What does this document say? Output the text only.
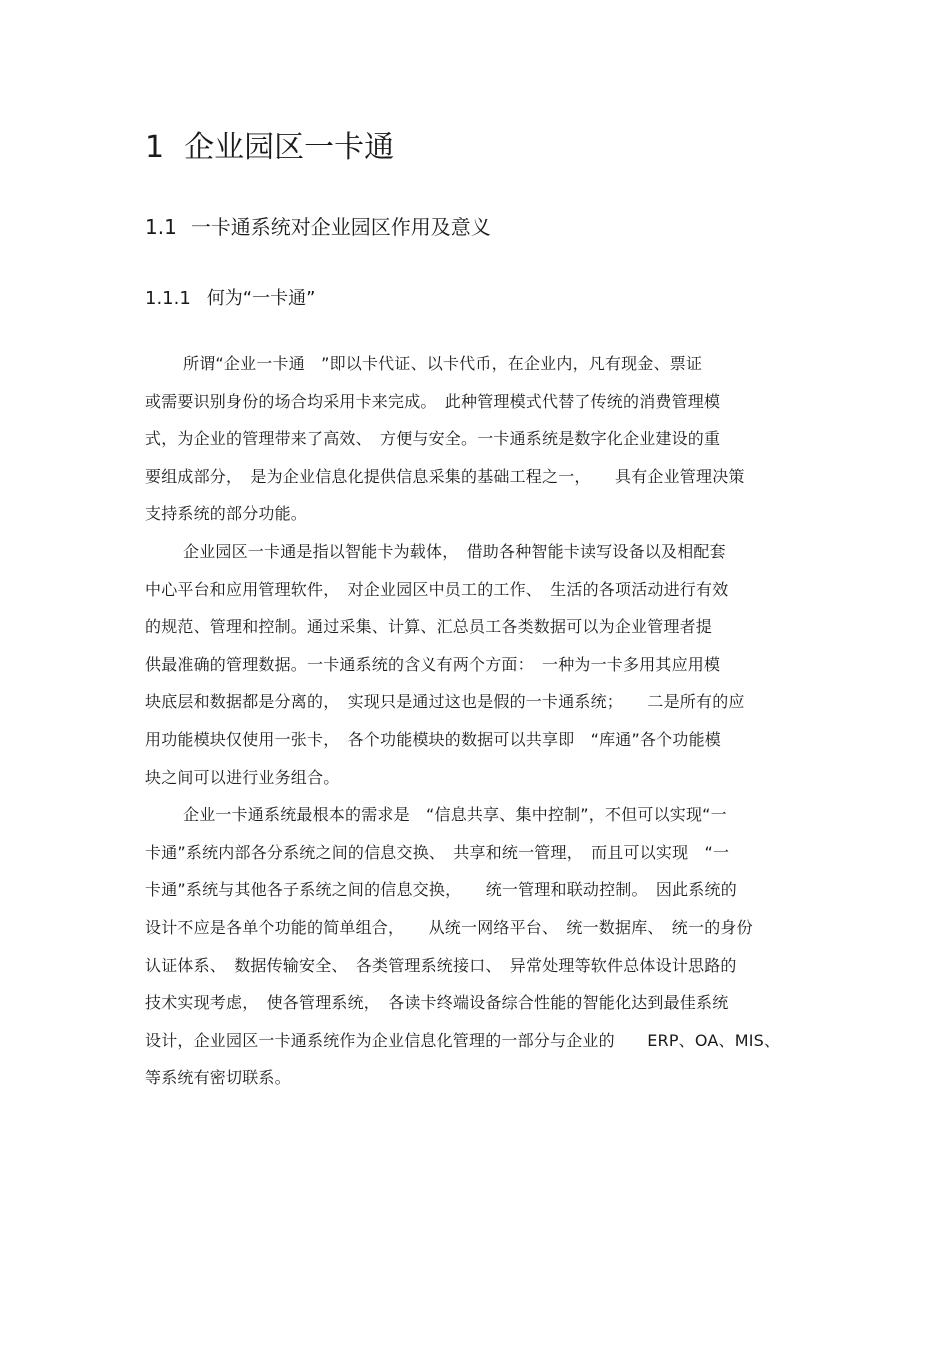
1 企业园区一卡通
1.1 一卡通系统对企业园区作用及意义
1.1.1 何为“一卡通”
所谓“企业一卡通　”即以卡代证、以卡代币，在企业内，凡有现金、票证
或需要识别身份的场合均采用卡来完成。　此种管理模式代替了传统的消费管理模
式，为企业的管理带来了高效、　方便与安全。一卡通系统是数字化企业建设的重
要组成部分，　是为企业信息化提供信息采集的基础工程之一，　　具有企业管理决策
支持系统的部分功能。
企业园区一卡通是指以智能卡为载体，　借助各种智能卡读写设备以及相配套
中心平台和应用管理软件，　对企业园区中员工的工作、　生活的各项活动进行有效
的规范、管理和控制。通过采集、计算、汇总员工各类数据可以为企业管理者提
供最准确的管理数据。一卡通系统的含义有两个方面：　一种为一卡多用其应用模
块底层和数据都是分离的，　实现只是通过这也是假的一卡通系统；　　二是所有的应
用功能模块仅使用一张卡，　各个功能模块的数据可以共享即　“库通”各个功能模
块之间可以进行业务组合。
企业一卡通系统最根本的需求是　“信息共享、集中控制”，不但可以实现“一
卡通”系统内部各分系统之间的信息交换、　共享和统一管理，　而且可以实现　“一
卡通”系统与其他各子系统之间的信息交换，　　统一管理和联动控制。　因此系统的
设计不应是各单个功能的简单组合，　　从统一网络平台、　统一数据库、　统一的身份
认证体系、　数据传输安全、　各类管理系统接口、　异常处理等软件总体设计思路的
技术实现考虑，　使各管理系统，　各读卡终端设备综合性能的智能化达到最佳系统
设计，企业园区一卡通系统作为企业信息化管理的一部分与企业的　　ERP、OA、MIS、
等系统有密切联系。
